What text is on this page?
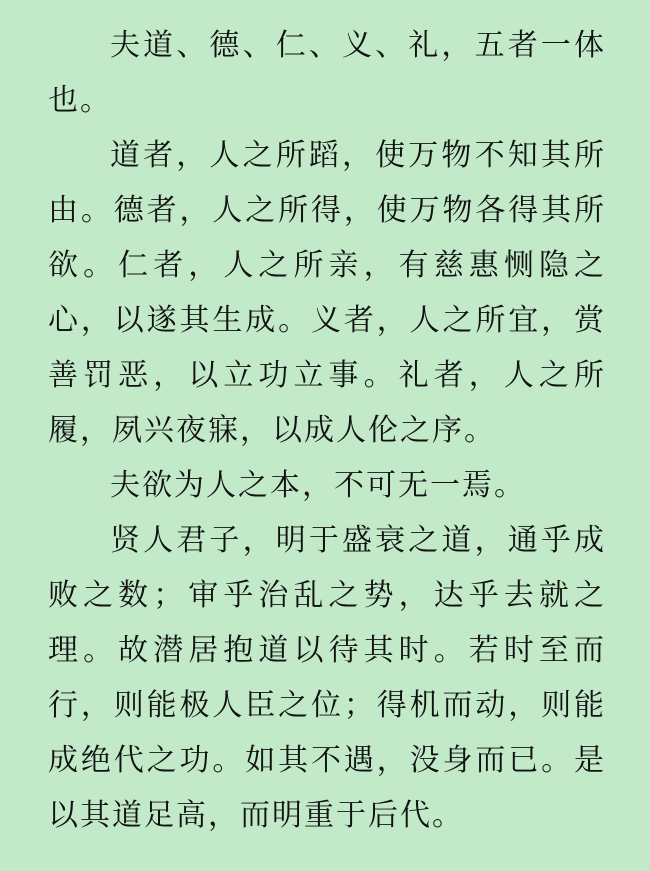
夫道、德、仁、义、礼，五者一体也。

道者，人之所蹈，使万物不知其所由。德者，人之所得，使万物各得其所欲。仁者，人之所亲，有慈惠恻隐之心，以遂其生成。义者，人之所宜，赏善罚恶，以立功立事。礼者，人之所履，夙兴夜寐，以成人伦之序。

夫欲为人之本，不可无一焉。

贤人君子，明于盛衰之道，通乎成败之数；审乎治乱之势，达乎去就之理。故潜居抱道以待其时。若时至而行，则能极人臣之位；得机而动，则能成绝代之功。如其不遇，没身而已。是以其道足高，而明重于后代。
